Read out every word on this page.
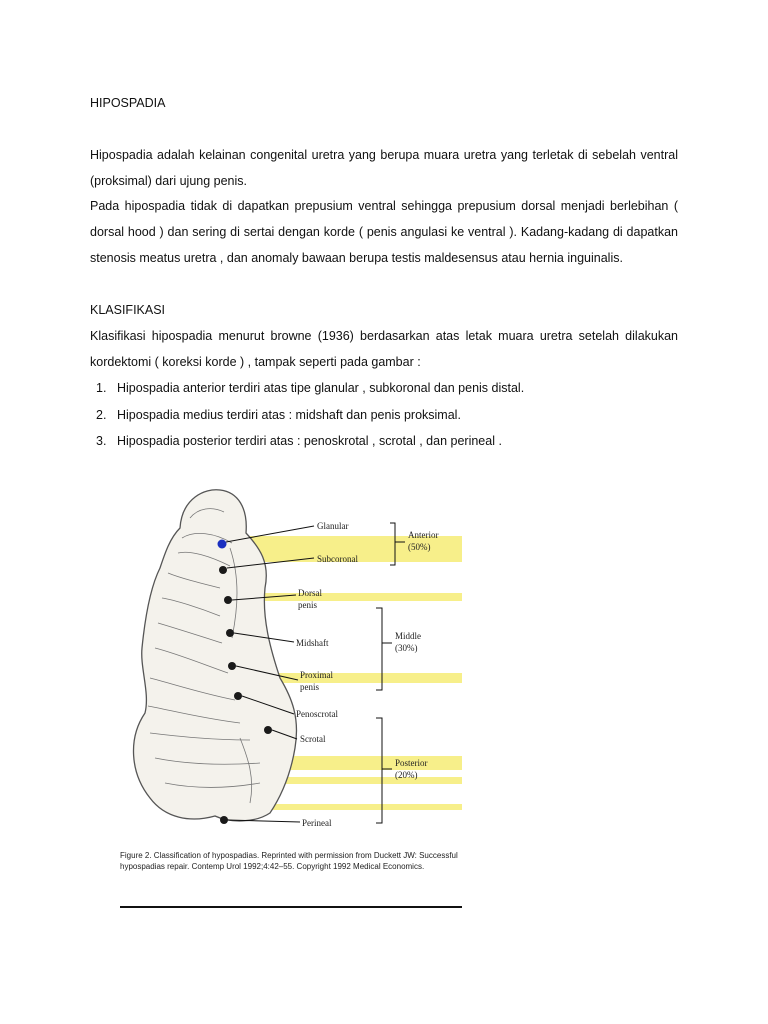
HIPOSPADIA
Hipospadia adalah kelainan congenital uretra yang berupa muara uretra yang terletak di sebelah ventral
(proksimal) dari ujung penis.
Pada hipospadia tidak di dapatkan prepusium ventral sehingga prepusium dorsal menjadi berlebihan (
dorsal hood ) dan sering di sertai dengan korde ( penis angulasi ke ventral ). Kadang-kadang di dapatkan
stenosis meatus uretra , dan anomaly bawaan berupa testis maldesensus atau hernia inguinalis.
KLASIFIKASI
Klasifikasi hipospadia menurut browne (1936) berdasarkan atas letak muara uretra setelah dilakukan
kordektomi ( koreksi korde ) , tampak seperti pada gambar :
1. Hipospadia anterior terdiri atas tipe glanular , subkoronal dan penis distal.
2. Hipospadia medius terdiri atas : midshaft dan penis proksimal.
3. Hipospadia posterior terdiri atas : penoskrotal , scrotal , dan perineal .
Glanular
Subcoronal
Dorsal
penis
Midshaft
Proximal
penis
Penoscrotal
Scrotal
Perineal
Anterior
(50%)
Middle
(30%)
Posterior
(20%)
Figure 2. Classification of hypospadias. Reprinted with permission from Duckett JW: Successful hypospadias repair. Contemp Urol 1992;4:42–55. Copyright 1992 Medical Economics.
